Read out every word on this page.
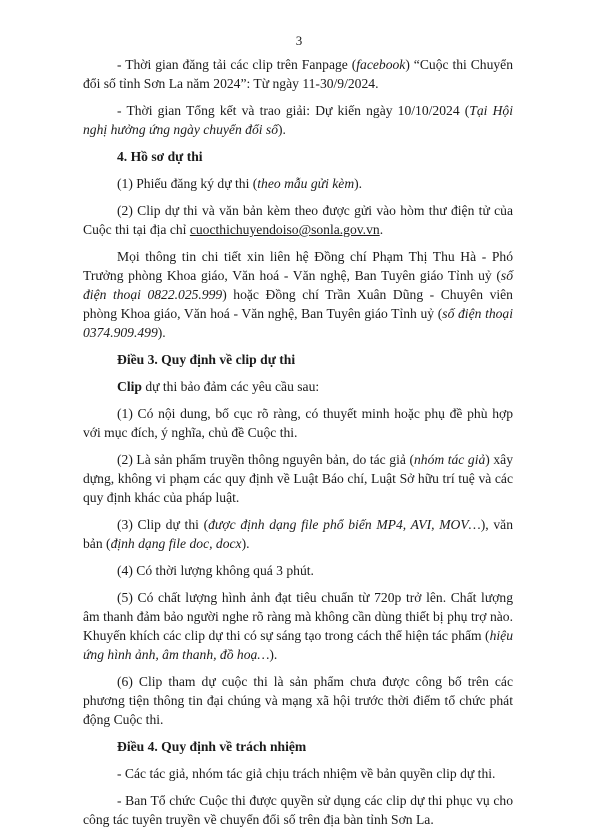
3

- Thời gian đăng tải các clip trên Fanpage (facebook) “Cuộc thi Chuyển đổi số tỉnh Sơn La năm 2024”: Từ ngày 11-30/9/2024.

- Thời gian Tổng kết và trao giải: Dự kiến ngày 10/10/2024 (Tại Hội nghị hưởng ứng ngày chuyển đổi số).

4. Hồ sơ dự thi

(1) Phiếu đăng ký dự thi (theo mẫu gửi kèm).

(2) Clip dự thi và văn bản kèm theo được gửi vào hòm thư điện tử của Cuộc thi tại địa chỉ cuocthichuyendoiso@sonla.gov.vn.

Mọi thông tin chi tiết xin liên hệ Đồng chí Phạm Thị Thu Hà - Phó Trưởng phòng Khoa giáo, Văn hoá - Văn nghệ, Ban Tuyên giáo Tỉnh uỷ (số điện thoại 0822.025.999) hoặc Đồng chí Trần Xuân Dũng - Chuyên viên phòng Khoa giáo, Văn hoá - Văn nghệ, Ban Tuyên giáo Tỉnh uỷ (số điện thoại 0374.909.499).

Điều 3. Quy định về clip dự thi

Clip dự thi bảo đảm các yêu cầu sau:

(1) Có nội dung, bố cục rõ ràng, có thuyết minh hoặc phụ đề phù hợp với mục đích, ý nghĩa, chủ đề Cuộc thi.

(2) Là sản phẩm truyền thông nguyên bản, do tác giả (nhóm tác giả) xây dựng, không vi phạm các quy định về Luật Báo chí, Luật Sở hữu trí tuệ và các quy định khác của pháp luật.

(3) Clip dự thi (được định dạng file phổ biến MP4, AVI, MOV…), văn bản (định dạng file doc, docx).

(4) Có thời lượng không quá 3 phút.

(5) Có chất lượng hình ảnh đạt tiêu chuẩn từ 720p trở lên. Chất lượng âm thanh đảm bảo người nghe rõ ràng mà không cần dùng thiết bị phụ trợ nào. Khuyến khích các clip dự thi có sự sáng tạo trong cách thể hiện tác phẩm (hiệu ứng hình ảnh, âm thanh, đồ hoạ…).

(6) Clip tham dự cuộc thi là sản phẩm chưa được công bố trên các phương tiện thông tin đại chúng và mạng xã hội trước thời điểm tổ chức phát động Cuộc thi.

Điều 4. Quy định về trách nhiệm

- Các tác giả, nhóm tác giả chịu trách nhiệm về bản quyền clip dự thi.

- Ban Tổ chức Cuộc thi được quyền sử dụng các clip dự thi phục vụ cho công tác tuyên truyền về chuyển đổi số trên địa bàn tỉnh Sơn La.
